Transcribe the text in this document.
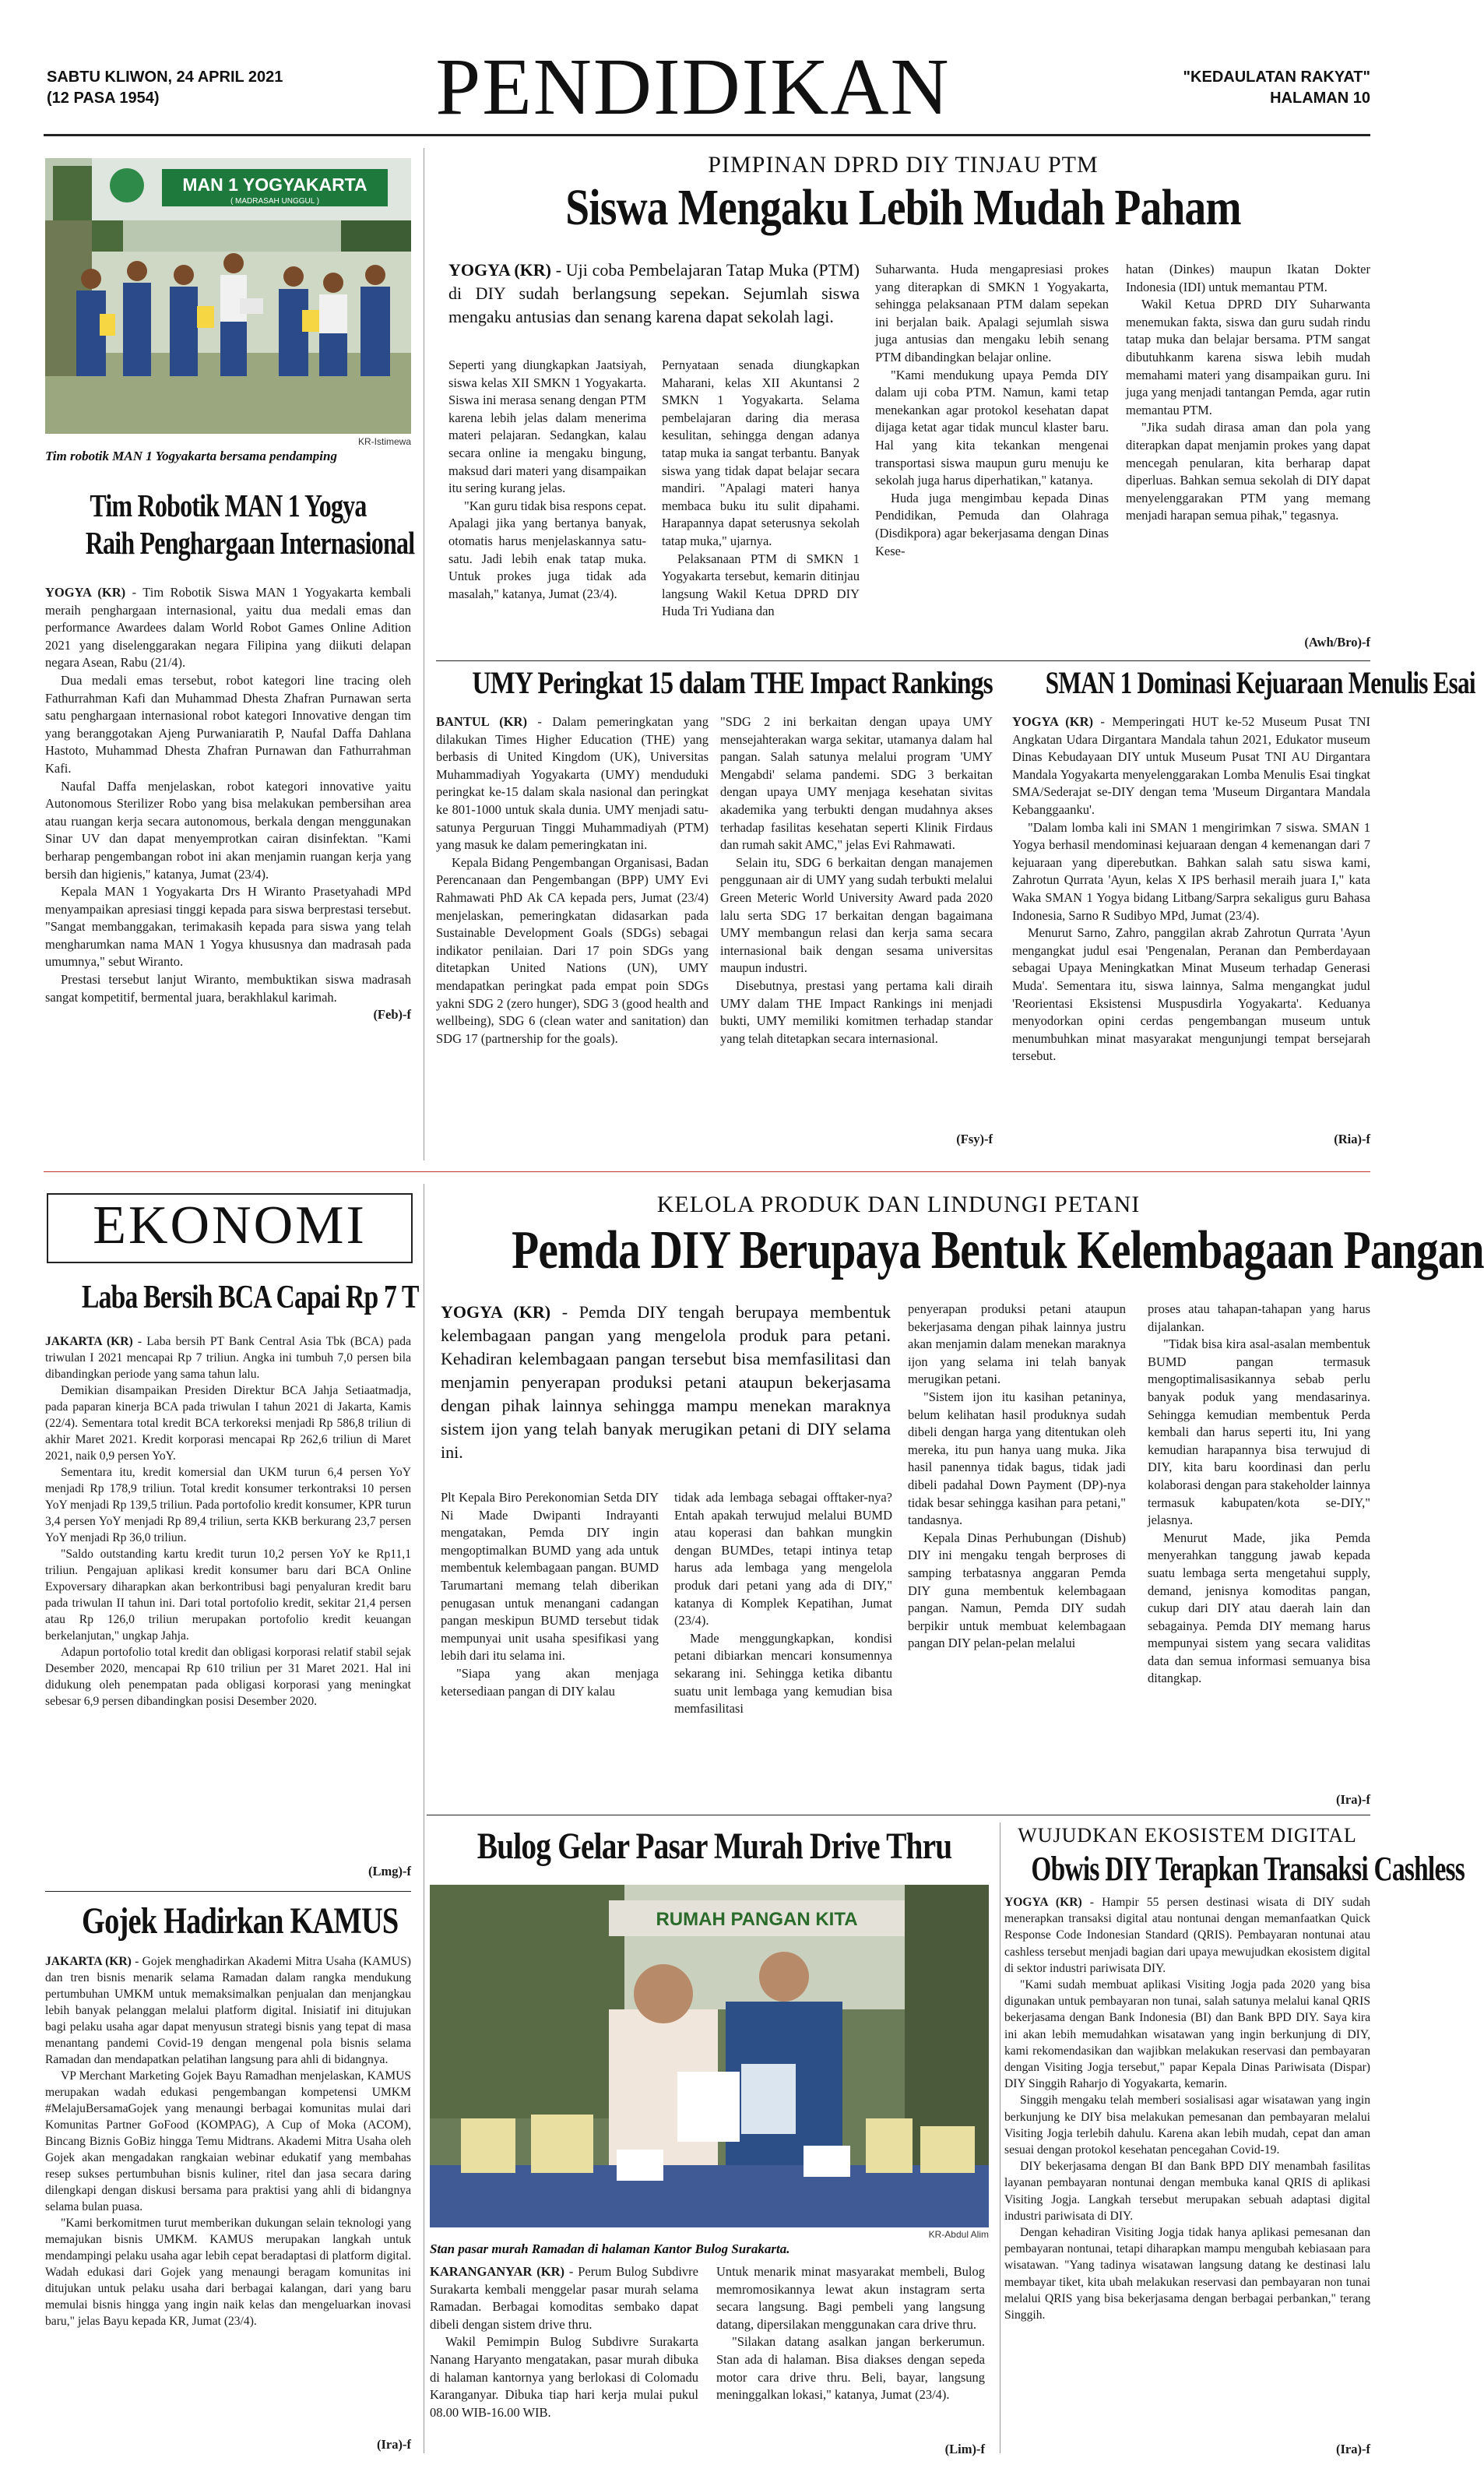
SABTU KLIWON, 24 APRIL 2021
(12 PASA 1954)	PENDIDIKAN	"KEDAULATAN RAKYAT"
HALAMAN 10
MAN 1 YOGYAKARTA
( MADRASAH UNGGUL )
KR-Istimewa
Tim robotik MAN 1 Yogyakarta bersama pendamping
Tim Robotik MAN 1 Yogya
Raih Penghargaan Internasional

YOGYA (KR) - Tim Robotik Siswa MAN 1 Yogyakarta kembali meraih penghargaan internasional, yaitu dua medali emas dan performance Awardees dalam World Robot Games Online Adition 2021 yang diselenggarakan negara Filipina yang diikuti delapan negara Asean, Rabu (21/4).

Dua medali emas tersebut, robot kategori line tracing oleh Fathurrahman Kafi dan Muhammad Dhesta Zhafran Purnawan serta satu penghargaan internasional robot kategori Innovative dengan tim yang beranggotakan Ajeng Purwaniaratih P, Naufal Daffa Dahlana Hastoto, Muhammad Dhesta Zhafran Purnawan dan Fathurrahman Kafi.

Naufal Daffa menjelaskan, robot kategori innovative yaitu Autonomous Sterilizer Robo yang bisa melakukan pembersihan area atau ruangan kerja secara autonomous, berkala dengan menggunakan Sinar UV dan dapat menyemprotkan cairan disinfektan. "Kami berharap pengembangan robot ini akan menjamin ruangan kerja yang bersih dan higienis," katanya, Jumat (23/4).

Kepala MAN 1 Yogyakarta Drs H Wiranto Prasetyahadi MPd menyampaikan apresiasi tinggi kepada para siswa berprestasi tersebut. "Sangat membanggakan, terimakasih kepada para siswa yang telah mengharumkan nama MAN 1 Yogya khususnya dan madrasah pada umumnya," sebut Wiranto.

Prestasi tersebut lanjut Wiranto, membuktikan siswa madrasah sangat kompetitif, bermental juara, berakhlakul karimah.

(Feb)-f
PIMPINAN DPRD DIY TINJAU PTM
Siswa Mengaku Lebih Mudah Paham
YOGYA (KR) - Uji coba Pembelajaran Tatap Muka (PTM) di DIY sudah berlangsung sepekan. Sejumlah siswa mengaku antusias dan senang karena dapat sekolah lagi.

Seperti yang diungkapkan Jaatsiyah, siswa kelas XII SMKN 1 Yogyakarta. Siswa ini merasa senang dengan PTM karena lebih jelas dalam menerima materi pelajaran. Sedangkan, kalau secara online ia mengaku bingung, maksud dari materi yang disampaikan itu sering kurang jelas.

"Kan guru tidak bisa respons cepat. Apalagi jika yang bertanya banyak, otomatis harus menjelaskannya satu-satu. Jadi lebih enak tatap muka. Untuk prokes juga tidak ada masalah," katanya, Jumat (23/4).

Pernyataan senada diungkapkan Maharani, kelas XII Akuntansi 2 SMKN 1 Yogyakarta. Selama pembelajaran daring dia merasa kesulitan, sehingga dengan adanya tatap muka ia sangat terbantu. Banyak siswa yang tidak dapat belajar secara mandiri. "Apalagi materi hanya membaca buku itu sulit dipahami. Harapannya dapat seterusnya sekolah tatap muka," ujarnya.

Pelaksanaan PTM di SMKN 1 Yogyakarta tersebut, kemarin ditinjau langsung Wakil Ketua DPRD DIY Huda Tri Yudiana dan

Suharwanta. Huda mengapresiasi prokes yang diterapkan di SMKN 1 Yogyakarta, sehingga pelaksanaan PTM dalam sepekan ini berjalan baik. Apalagi sejumlah siswa juga antusias dan mengaku lebih senang PTM dibandingkan belajar online.

"Kami mendukung upaya Pemda DIY dalam uji coba PTM. Namun, kami tetap menekankan agar protokol kesehatan dapat dijaga ketat agar tidak muncul klaster baru. Hal yang kita tekankan mengenai transportasi siswa maupun guru menuju ke sekolah juga harus diperhatikan," katanya.

Huda juga mengimbau kepada Dinas Pendidikan, Pemuda dan Olahraga (Disdikpora) agar bekerjasama dengan Dinas Kese-

hatan (Dinkes) maupun Ikatan Dokter Indonesia (IDI) untuk memantau PTM.

Wakil Ketua DPRD DIY Suharwanta menemukan fakta, siswa dan guru sudah rindu tatap muka dan belajar bersama. PTM sangat dibutuhkanm karena siswa lebih mudah memahami materi yang disampaikan guru. Ini juga yang menjadi tantangan Pemda, agar rutin memantau PTM.

"Jika sudah dirasa aman dan pola yang diterapkan dapat menjamin prokes yang dapat mencegah penularan, kita berharap dapat diperluas. Bahkan semua sekolah di DIY dapat menyelenggarakan PTM yang memang menjadi harapan semua pihak," tegasnya.

(Awh/Bro)-f
UMY Peringkat 15 dalam THE Impact Rankings

BANTUL (KR) - Dalam pemeringkatan yang dilakukan Times Higher Education (THE) yang berbasis di United Kingdom (UK), Universitas Muhammadiyah Yogyakarta (UMY) menduduki peringkat ke-15 dalam skala nasional dan peringkat ke 801-1000 untuk skala dunia. UMY menjadi satu-satunya Perguruan Tinggi Muhammadiyah (PTM) yang masuk ke dalam pemeringkatan ini.

Kepala Bidang Pengembangan Organisasi, Badan Perencanaan dan Pengembangan (BPP) UMY Evi Rahmawati PhD Ak CA kepada pers, Jumat (23/4) menjelaskan, pemeringkatan didasarkan pada Sustainable Development Goals (SDGs) sebagai indikator penilaian. Dari 17 poin SDGs yang ditetapkan United Nations (UN), UMY mendapatkan peringkat pada empat poin SDGs yakni SDG 2 (zero hunger), SDG 3 (good health and wellbeing), SDG 6 (clean water and sanitation) dan SDG 17 (partnership for the goals).

"SDG 2 ini berkaitan dengan upaya UMY mensejahterakan warga sekitar, utamanya dalam hal pangan. Salah satunya melalui program 'UMY Mengabdi' selama pandemi. SDG 3 berkaitan dengan upaya UMY menjaga kesehatan sivitas akademika yang terbukti dengan mudahnya akses terhadap fasilitas kesehatan seperti Klinik Firdaus dan rumah sakit AMC," jelas Evi Rahmawati.

Selain itu, SDG 6 berkaitan dengan manajemen penggunaan air di UMY yang sudah terbukti melalui Green Meteric World University Award pada 2020 lalu serta SDG 17 berkaitan dengan bagaimana UMY membangun relasi dan kerja sama secara internasional baik dengan sesama universitas maupun industri.

Disebutnya, prestasi yang pertama kali diraih UMY dalam THE Impact Rankings ini menjadi bukti, UMY memiliki komitmen terhadap standar yang telah ditetapkan secara internasional.

(Fsy)-f
SMAN 1 Dominasi Kejuaraan Menulis Esai

YOGYA (KR) - Memperingati HUT ke-52 Museum Pusat TNI Angkatan Udara Dirgantara Mandala tahun 2021, Edukator museum Dinas Kebudayaan DIY untuk Museum Pusat TNI AU Dirgantara Mandala Yogyakarta menyelenggarakan Lomba Menulis Esai tingkat SMA/Sederajat se-DIY dengan tema 'Museum Dirgantara Mandala Kebanggaanku'.

"Dalam lomba kali ini SMAN 1 mengirimkan 7 siswa. SMAN 1 Yogya berhasil mendominasi kejuaraan dengan 4 kemenangan dari 7 kejuaraan yang diperebutkan. Bahkan salah satu siswa kami, Zahrotun Qurrata 'Ayun, kelas X IPS berhasil meraih juara I," kata Waka SMAN 1 Yogya bidang Litbang/Sarpra sekaligus guru Bahasa Indonesia, Sarno R Sudibyo MPd, Jumat (23/4).

Menurut Sarno, Zahro, panggilan akrab Zahrotun Qurrata 'Ayun mengangkat judul esai 'Pengenalan, Peranan dan Pemberdayaan sebagai Upaya Meningkatkan Minat Museum terhadap Generasi Muda'. Sementara itu, siswa lainnya, Salma mengangkat judul 'Reorientasi Eksistensi Muspusdirla Yogyakarta'. Keduanya menyodorkan opini cerdas pengembangan museum untuk menumbuhkan minat masyarakat mengunjungi tempat bersejarah tersebut.

(Ria)-f
EKONOMI
Laba Bersih BCA Capai Rp 7 T

JAKARTA (KR) - Laba bersih PT Bank Central Asia Tbk (BCA) pada triwulan I 2021 mencapai Rp 7 triliun. Angka ini tumbuh 7,0 persen bila dibandingkan periode yang sama tahun lalu.

Demikian disampaikan Presiden Direktur BCA Jahja Setiaatmadja, pada paparan kinerja BCA pada triwulan I tahun 2021 di Jakarta, Kamis (22/4). Sementara total kredit BCA terkoreksi menjadi Rp 586,8 triliun di akhir Maret 2021. Kredit korporasi mencapai Rp 262,6 triliun di Maret 2021, naik 0,9 persen YoY.

Sementara itu, kredit komersial dan UKM turun 6,4 persen YoY menjadi Rp 178,9 triliun. Total kredit konsumer terkontraksi 10 persen YoY menjadi Rp 139,5 triliun. Pada portofolio kredit konsumer, KPR turun 3,4 persen YoY menjadi Rp 89,4 triliun, serta KKB berkurang 23,7 persen YoY menjadi Rp 36,0 triliun.

"Saldo outstanding kartu kredit turun 10,2 persen YoY ke Rp11,1 triliun. Pengajuan aplikasi kredit konsumer baru dari BCA Online Expoversary diharapkan akan berkontribusi bagi penyaluran kredit baru pada triwulan II tahun ini. Dari total portofolio kredit, sekitar 21,4 persen atau Rp 126,0 triliun merupakan portofolio kredit keuangan berkelanjutan," ungkap Jahja.

Adapun portofolio total kredit dan obligasi korporasi relatif stabil sejak Desember 2020, mencapai Rp 610 triliun per 31 Maret 2021. Hal ini didukung oleh penempatan pada obligasi korporasi yang meningkat sebesar 6,9 persen dibandingkan posisi Desember 2020.

(Lmg)-f
Gojek Hadirkan KAMUS

JAKARTA (KR) - Gojek menghadirkan Akademi Mitra Usaha (KAMUS) dan tren bisnis menarik selama Ramadan dalam rangka mendukung pertumbuhan UMKM untuk memaksimalkan penjualan dan menjangkau lebih banyak pelanggan melalui platform digital. Inisiatif ini ditujukan bagi pelaku usaha agar dapat menyusun strategi bisnis yang tepat di masa menantang pandemi Covid-19 dengan mengenal pola bisnis selama Ramadan dan mendapatkan pelatihan langsung para ahli di bidangnya.

VP Merchant Marketing Gojek Bayu Ramadhan menjelaskan, KAMUS merupakan wadah edukasi pengembangan kompetensi UMKM #MelajuBersamaGojek yang menaungi berbagai komunitas mulai dari Komunitas Partner GoFood (KOMPAG), A Cup of Moka (ACOM), Bincang Biznis GoBiz hingga Temu Midtrans. Akademi Mitra Usaha oleh Gojek akan mengadakan rangkaian webinar edukatif yang membahas resep sukses pertumbuhan bisnis kuliner, ritel dan jasa secara daring dilengkapi dengan diskusi bersama para praktisi yang ahli di bidangnya selama bulan puasa.

"Kami berkomitmen turut memberikan dukungan selain teknologi yang memajukan bisnis UMKM. KAMUS merupakan langkah untuk mendampingi pelaku usaha agar lebih cepat beradaptasi di platform digital. Wadah edukasi dari Gojek yang menaungi beragam komunitas ini ditujukan untuk pelaku usaha dari berbagai kalangan, dari yang baru memulai bisnis hingga yang ingin naik kelas dan mengeluarkan inovasi baru," jelas Bayu kepada KR, Jumat (23/4).

(Ira)-f
KELOLA PRODUK DAN LINDUNGI PETANI
Pemda DIY Berupaya Bentuk Kelembagaan Pangan
YOGYA (KR) - Pemda DIY tengah berupaya membentuk kelembagaan pangan yang mengelola produk para petani. Kehadiran kelembagaan pangan tersebut bisa memfasilitasi dan menjamin penyerapan produksi petani ataupun bekerjasama dengan pihak lainnya sehingga mampu menekan maraknya sistem ijon yang telah banyak merugikan petani di DIY selama ini.

Plt Kepala Biro Perekonomian Setda DIY Ni Made Dwipanti Indrayanti mengatakan, Pemda DIY ingin mengoptimalkan BUMD yang ada untuk membentuk kelembagaan pangan. BUMD Tarumartani memang telah diberikan penugasan untuk menangani cadangan pangan meskipun BUMD tersebut tidak mempunyai unit usaha spesifikasi yang lebih dari itu selama ini.

"Siapa yang akan menjaga ketersediaan pangan di DIY kalau

tidak ada lembaga sebagai offtaker-nya? Entah apakah terwujud melalui BUMD atau koperasi dan bahkan mungkin dengan BUMDes, tetapi intinya tetap harus ada lembaga yang mengelola produk dari petani yang ada di DIY," katanya di Komplek Kepatihan, Jumat (23/4).

Made menggungkapkan, kondisi petani dibiarkan mencari konsumennya sekarang ini. Sehingga ketika dibantu suatu unit lembaga yang kemudian bisa memfasilitasi

penyerapan produksi petani ataupun bekerjasama dengan pihak lainnya justru akan menjamin dalam menekan maraknya ijon yang selama ini telah banyak merugikan petani.

"Sistem ijon itu kasihan petaninya, belum kelihatan hasil produknya sudah dibeli dengan harga yang ditentukan oleh mereka, itu pun hanya uang muka. Jika hasil panennya tidak bagus, tidak jadi dibeli padahal Down Payment (DP)-nya tidak besar sehingga kasihan para petani," tandasnya.

Kepala Dinas Perhubungan (Dishub) DIY ini mengaku tengah berproses di samping terbatasnya anggaran Pemda DIY guna membentuk kelembagaan pangan. Namun, Pemda DIY sudah berpikir untuk membuat kelembagaan pangan DIY pelan-pelan melalui

proses atau tahapan-tahapan yang harus dijalankan.

"Tidak bisa kira asal-asalan membentuk BUMD pangan termasuk mengoptimalisasikannya sebab perlu banyak poduk yang mendasarinya. Sehingga kemudian membentuk Perda kembali dan harus seperti itu, Ini yang kemudian harapannya bisa terwujud di DIY, kita baru koordinasi dan perlu kolaborasi dengan para stakeholder lainnya termasuk kabupaten/kota se-DIY," jelasnya.

Menurut Made, jika Pemda menyerahkan tanggung jawab kepada suatu lembaga serta mengetahui supply, demand, jenisnya komoditas pangan, cukup dari DIY atau daerah lain dan sebagainya. Pemda DIY memang harus mempunyai sistem yang secara validitas data dan semua informasi semuanya bisa ditangkap.

(Ira)-f
Bulog Gelar Pasar Murah Drive Thru
RUMAH PANGAN KITA
KR-Abdul Alim
Stan pasar murah Ramadan di halaman Kantor Bulog Surakarta.

KARANGANYAR (KR) - Perum Bulog Subdivre Surakarta kembali menggelar pasar murah selama Ramadan. Berbagai komoditas sembako dapat dibeli dengan sistem drive thru.

Wakil Pemimpin Bulog Subdivre Surakarta Nanang Haryanto mengatakan, pasar murah dibuka di halaman kantornya yang berlokasi di Colomadu Karanganyar. Dibuka tiap hari kerja mulai pukul 08.00 WIB-16.00 WIB.

Untuk menarik minat masyarakat membeli, Bulog memromosikannya lewat akun instagram serta secara langsung. Bagi pembeli yang langsung datang, dipersilakan menggunakan cara drive thru.

"Silakan datang asalkan jangan berkerumun. Stan ada di halaman. Bisa diakses dengan sepeda motor cara drive thru. Beli, bayar, langsung meninggalkan lokasi," katanya, Jumat (23/4).

(Lim)-f
WUJUDKAN EKOSISTEM DIGITAL
Obwis DIY Terapkan Transaksi Cashless

YOGYA (KR) - Hampir 55 persen destinasi wisata di DIY sudah menerapkan transaksi digital atau nontunai dengan memanfaatkan Quick Response Code Indonesian Standard (QRIS). Pembayaran nontunai atau cashless tersebut menjadi bagian dari upaya mewujudkan ekosistem digital di sektor industri pariwisata DIY.

"Kami sudah membuat aplikasi Visiting Jogja pada 2020 yang bisa digunakan untuk pembayaran non tunai, salah satunya melalui kanal QRIS bekerjasama dengan Bank Indonesia (BI) dan Bank BPD DIY. Saya kira ini akan lebih memudahkan wisatawan yang ingin berkunjung di DIY, kami rekomendasikan dan wajibkan melakukan reservasi dan pembayaran dengan Visiting Jogja tersebut," papar Kepala Dinas Pariwisata (Dispar) DIY Singgih Raharjo di Yogyakarta, kemarin.

Singgih mengaku telah memberi sosialisasi agar wisatawan yang ingin berkunjung ke DIY bisa melakukan pemesanan dan pembayaran melalui Visiting Jogja terlebih dahulu. Karena akan lebih mudah, cepat dan aman sesuai dengan protokol kesehatan pencegahan Covid-19.

DIY bekerjasama dengan BI dan Bank BPD DIY menambah fasilitas layanan pembayaran nontunai dengan membuka kanal QRIS di aplikasi Visiting Jogja. Langkah tersebut merupakan sebuah adaptasi digital industri pariwisata di DIY.

Dengan kehadiran Visiting Jogja tidak hanya aplikasi pemesanan dan pembayaran nontunai, tetapi diharapkan mampu mengubah kebiasaan para wisatawan. "Yang tadinya wisatawan langsung datang ke destinasi lalu membayar tiket, kita ubah melakukan reservasi dan pembayaran non tunai melalui QRIS yang bisa bekerjasama dengan berbagai perbankan," terang Singgih.

(Ira)-f
